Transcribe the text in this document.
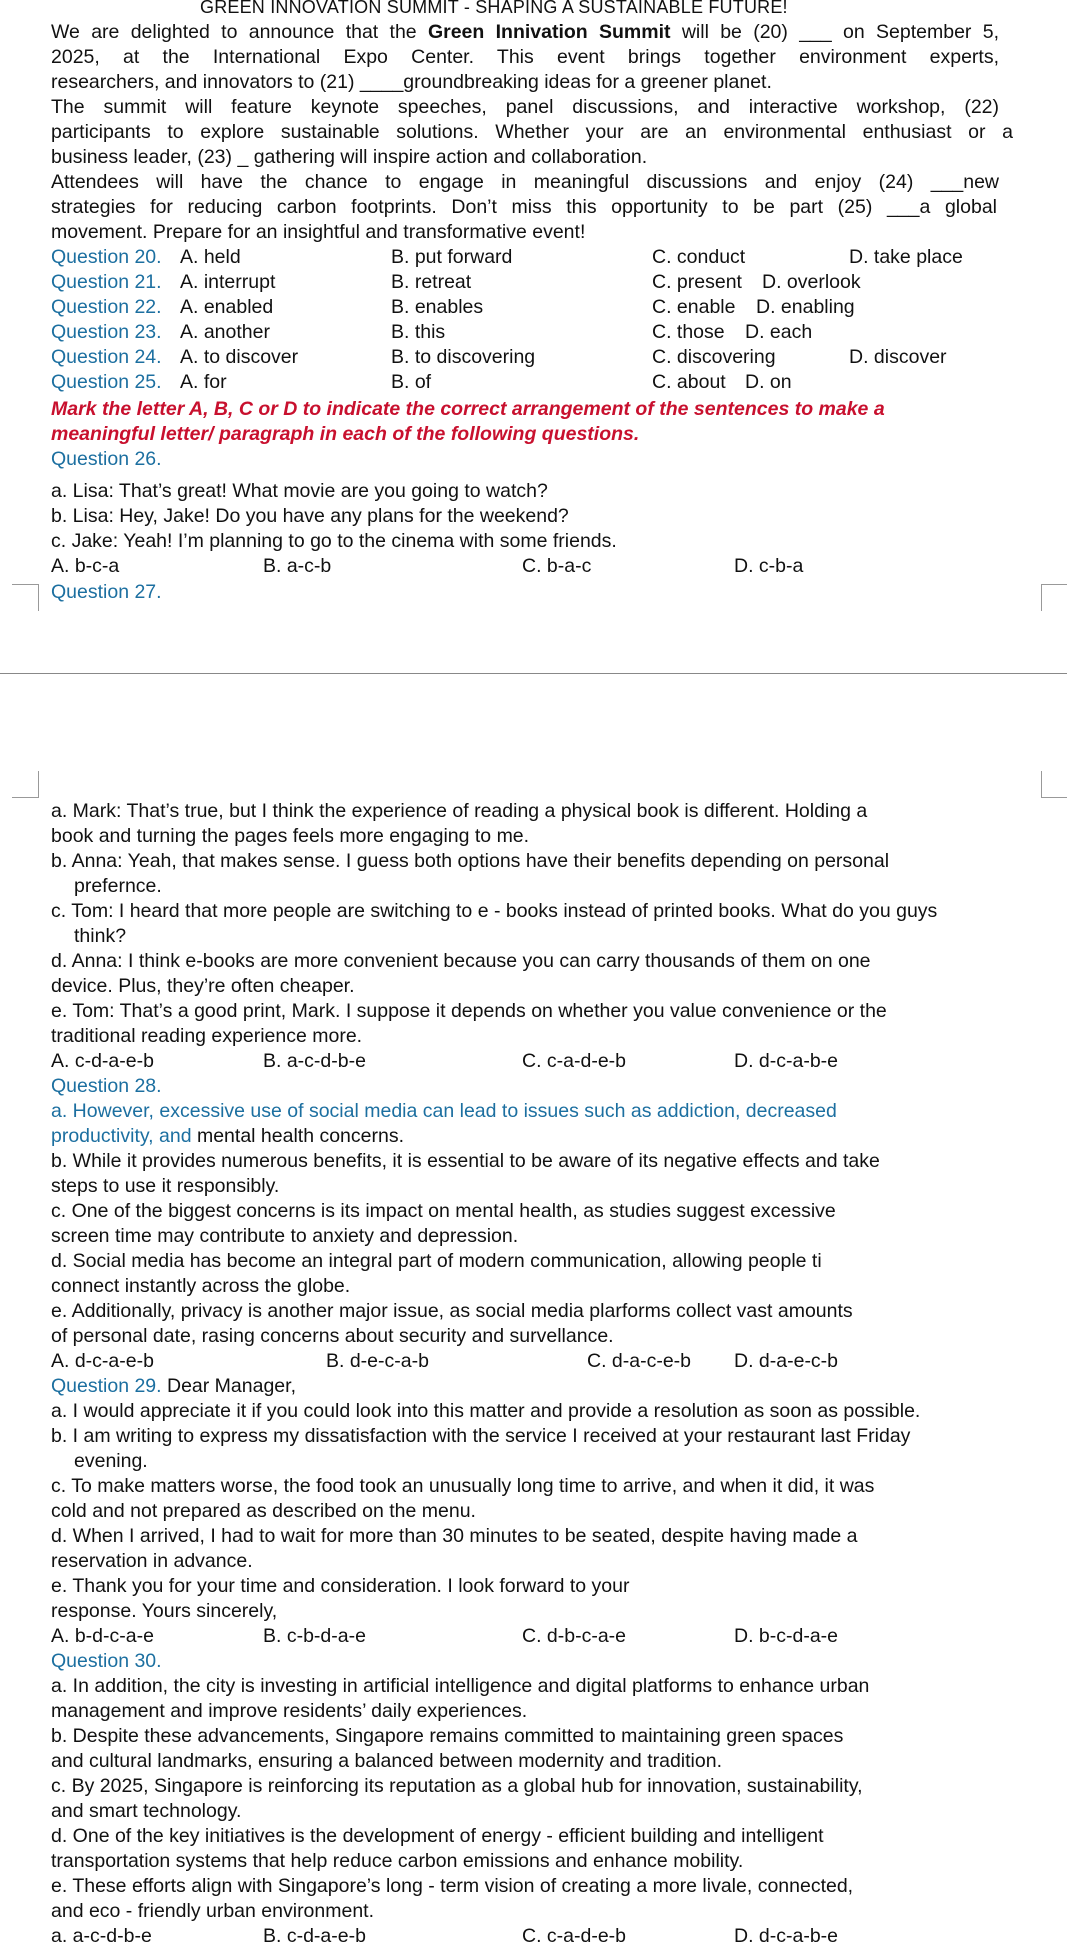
GREEN INNOVATION SUMMIT - SHAPING A SUSTAINABLE FUTURE!
We are delighted to announce that the Green Innivation Summit will be (20) ___ on September 5,
2025, at the International Expo Center. This event brings together environment experts,
researchers, and innovators to (21) ____groundbreaking ideas for a greener planet.
The summit will feature keynote speeches, panel discussions, and interactive workshop, (22)
participants to explore sustainable solutions. Whether your are an environmental enthusiast or a
business leader, (23) _ gathering will inspire action and collaboration.
Attendees will have the chance to engage in meaningful discussions and enjoy (24) ___new
strategies for reducing carbon footprints. Don’t miss this opportunity to be part (25) ___a global
movement. Prepare for an insightful and transformative event!
Question 20. A. held	B. put forward	C. conduct	D. take place
Question 21. A. interrupt	B. retreat	C. present D. overlook
Question 22. A. enabled	B. enables	C. enable D. enabling
Question 23. A. another	B. this	C. those D. each
Question 24. A. to discover	B. to discovering	C. discovering	D. discover
Question 25. A. for	B. of	C. about D. on
Mark the letter A, B, C or D to indicate the correct arrangement of the sentences to make a
meaningful letter/ paragraph in each of the following questions.
Question 26.
a. Lisa: That’s great! What movie are you going to watch?
b. Lisa: Hey, Jake! Do you have any plans for the weekend?
c. Jake: Yeah! I’m planning to go to the cinema with some friends.
A. b-c-a	B. a-c-b	C. b-a-c	D. c-b-a
Question 27.
a. Mark: That’s true, but I think the experience of reading a physical book is different. Holding a
book and turning the pages feels more engaging to me.
b. Anna: Yeah, that makes sense. I guess both options have their benefits depending on personal
prefernce.
c. Tom: I heard that more people are switching to e - books instead of printed books. What do you guys
think?
d. Anna: I think e-books are more convenient because you can carry thousands of them on one
device. Plus, they’re often cheaper.
e. Tom: That’s a good print, Mark. I suppose it depends on whether you value convenience or the
traditional reading experience more.
A. c-d-a-e-b	B. a-c-d-b-e	C. c-a-d-e-b	D. d-c-a-b-e
Question 28.
a. However, excessive use of social media can lead to issues such as addiction, decreased
productivity, and mental health concerns.
b. While it provides numerous benefits, it is essential to be aware of its negative effects and take
steps to use it responsibly.
c. One of the biggest concerns is its impact on mental health, as studies suggest excessive
screen time may contribute to anxiety and depression.
d. Social media has become an integral part of modern communication, allowing people ti
connect instantly across the globe.
e. Additionally, privacy is another major issue, as social media plarforms collect vast amounts
of personal date, rasing concerns about security and survellance.
A. d-c-a-e-b	B. d-e-c-a-b	C. d-a-c-e-b D. d-a-e-c-b
Question 29. Dear Manager,
a. I would appreciate it if you could look into this matter and provide a resolution as soon as possible.
b. I am writing to express my dissatisfaction with the service I received at your restaurant last Friday
evening.
c. To make matters worse, the food took an unusually long time to arrive, and when it did, it was
cold and not prepared as described on the menu.
d. When I arrived, I had to wait for more than 30 minutes to be seated, despite having made a
reservation in advance.
e. Thank you for your time and consideration. I look forward to your
response. Yours sincerely,
A. b-d-c-a-e	B. c-b-d-a-e	C. d-b-c-a-e	D. b-c-d-a-e
Question 30.
a. In addition, the city is investing in artificial intelligence and digital platforms to enhance urban
management and improve residents’ daily experiences.
b. Despite these advancements, Singapore remains committed to maintaining green spaces
and cultural landmarks, ensuring a balanced between modernity and tradition.
c. By 2025, Singapore is reinforcing its reputation as a global hub for innovation, sustainability,
and smart technology.
d. One of the key initiatives is the development of energy - efficient building and intelligent
transportation systems that help reduce carbon emissions and enhance mobility.
e. These efforts align with Singapore’s long - term vision of creating a more livale, connected,
and eco - friendly urban environment.
a. a-c-d-b-e	B. c-d-a-e-b	C. c-a-d-e-b	D. d-c-a-b-e
